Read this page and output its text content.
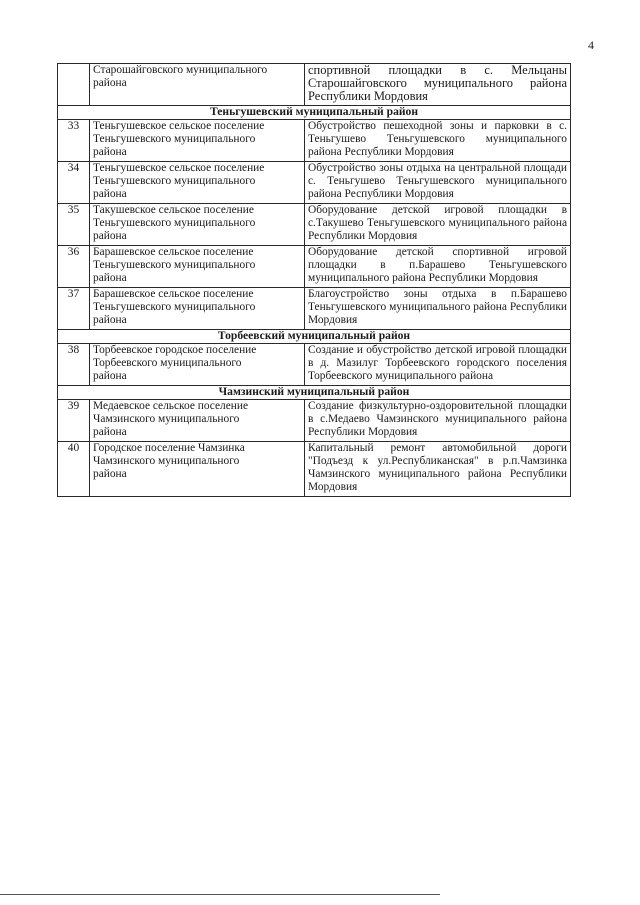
4

	Старошайговского муниципального
района	спортивной площадки в с. Мельцаны Старошайговского муниципального района Республики Мордовия
Теньгушевский муниципальный район		
33	Теньгушевское сельское поселение
Теньгушевского муниципального
района	Обустройство пешеходной зоны и парковки в с. Теньгушево Теньгушевского муниципального района Республики Мордовия
34	Теньгушевское сельское поселение
Теньгушевского муниципального
района	Обустройство зоны отдыха на центральной площади с. Теньгушево Теньгушевского муниципального района Республики Мордовия
35	Такушевское сельское поселение
Теньгушевского муниципального
района	Оборудование детской игровой площадки в с.Такушево Теньгушевского муниципального района Республики Мордовия
36	Барашевское сельское поселение
Теньгушевского муниципального
района	Оборудование детской спортивной игровой площадки в п.Барашево Теньгушевского муниципального района Республики Мордовия
37	Барашевское сельское поселение
Теньгушевского муниципального
района	Благоустройство зоны отдыха в п.Барашево Теньгушевского муниципального района Республики Мордовия
Торбеевский муниципальный район		
38	Торбеевское городское поселение
Торбеевского муниципального
района	Создание и обустройство детской игровой площадки в д. Мазилуг Торбеевского городского поселения Торбеевского муниципального района
Чамзинский муниципальный район		
39	Медаевское сельское поселение
Чамзинского муниципального
района	Создание физкультурно-оздоровительной площадки в с.Медаево Чамзинского муниципального района Республики Мордовия
40	Городское поселение Чамзинка
Чамзинского муниципального
района	Капитальный ремонт автомобильной дороги "Подъезд к ул.Республиканская" в р.п.Чамзинка Чамзинского муниципального района Республики Мордовия
